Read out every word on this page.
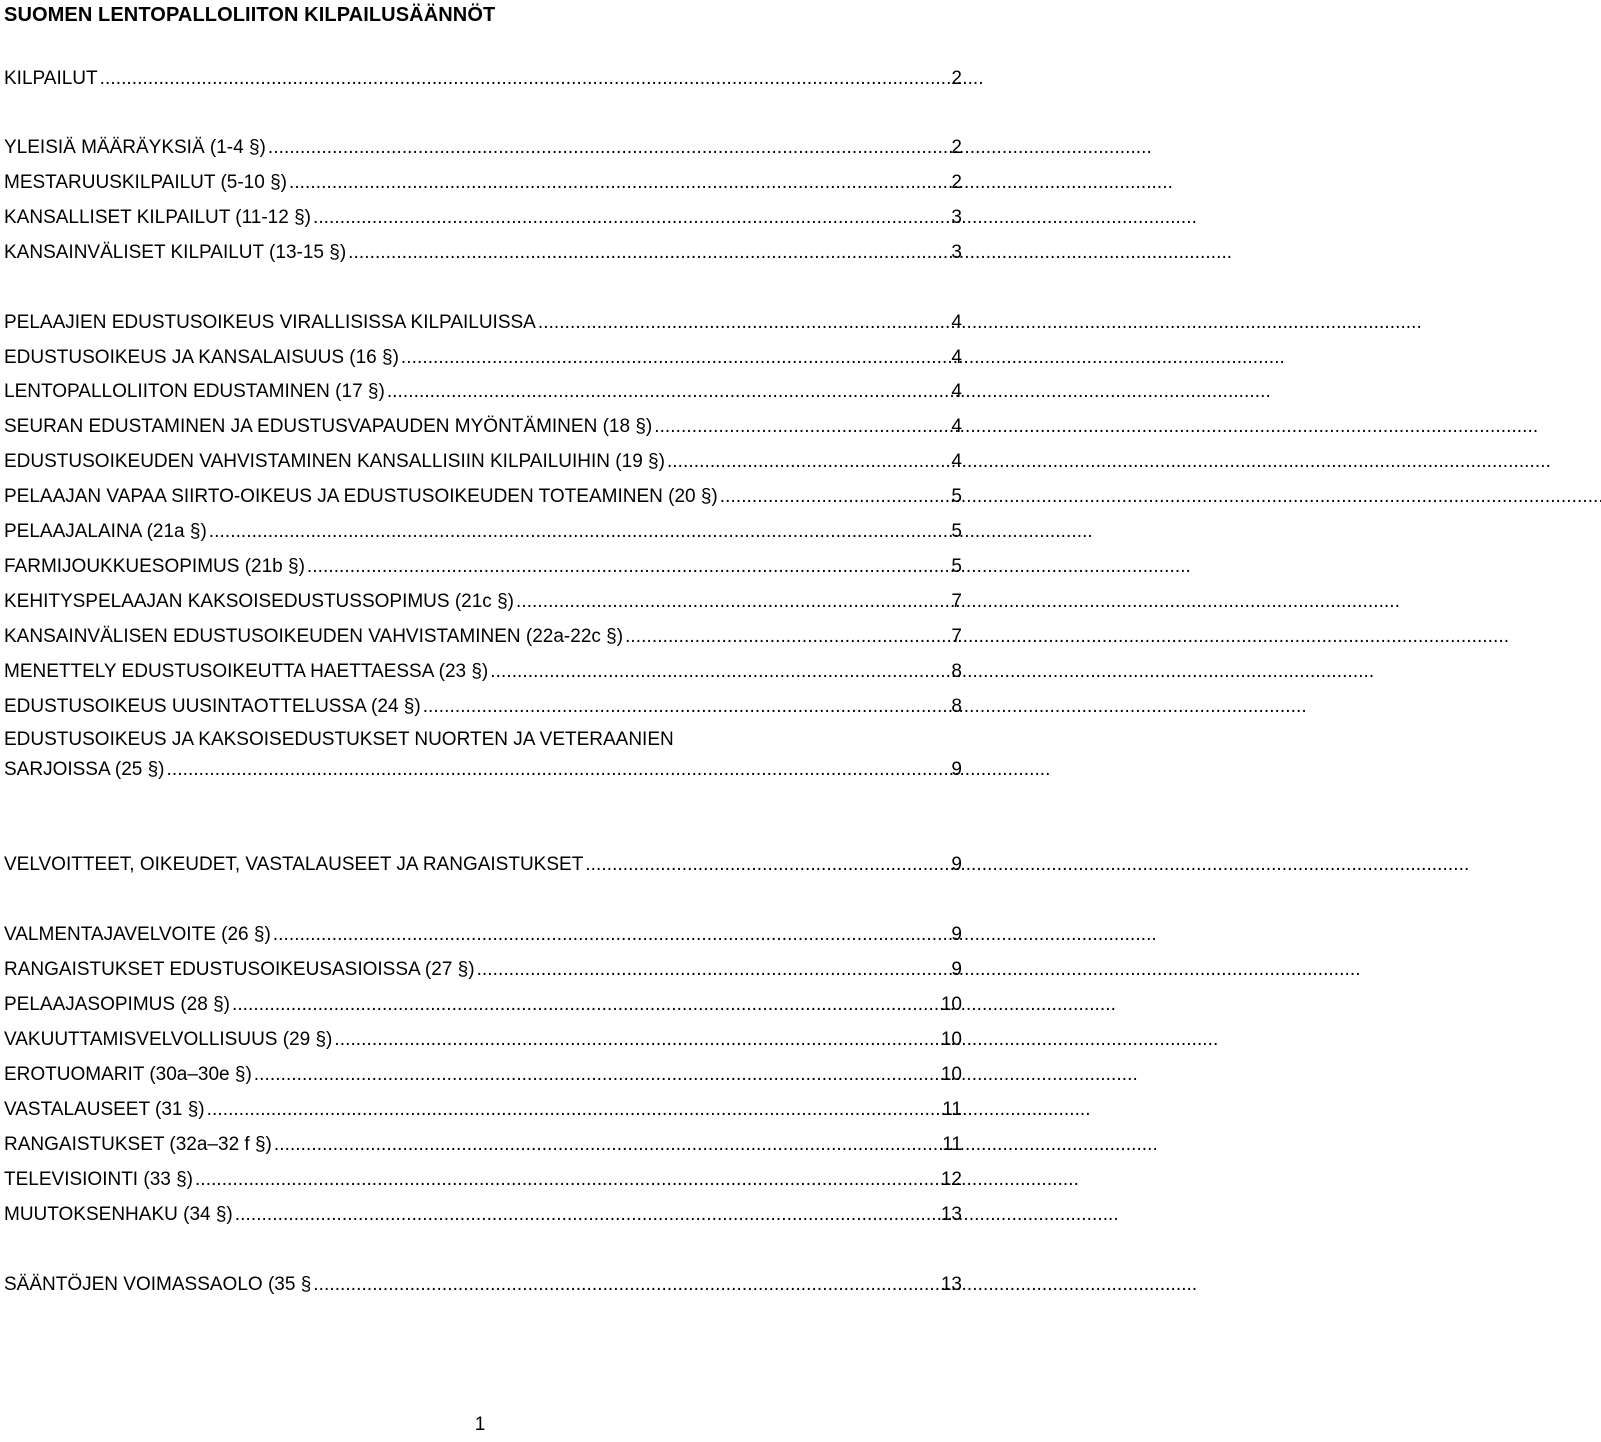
SUOMEN LENTOPALLOLIITON KILPAILUSÄÄNNÖT
KILPAILUT . . .	2
YLEISIÄ MÄÄRÄYKSIÄ (1-4 §) . . .	2
MESTARUUSKILPAILUT (5-10 §) . . .	2
KANSALLISET KILPAILUT (11-12 §) . . .	3
KANSAINVÄLISET KILPAILUT (13-15 §) . . .	3
PELAAJIEN EDUSTUSOIKEUS VIRALLISISSA KILPAILUISSA . . .	4
EDUSTUSOIKEUS JA KANSALAISUUS (16 §) . . .	4
LENTOPALLOLIITON EDUSTAMINEN (17 §) . . .	4
SEURAN EDUSTAMINEN JA EDUSTUSVAPAUDEN MYÖNTÄMINEN (18 §) . . .	4
EDUSTUSOIKEUDEN VAHVISTAMINEN KANSALLISIIN KILPAILUIHIN (19 §) . . .	4
PELAAJAN VAPAA SIIRTO-OIKEUS JA EDUSTUSOIKEUDEN TOTEAMINEN (20 §) . . .	5
PELAAJALAINA (21a §) . . .	5
FARMIJOUKKUESOPIMUS (21b §) . . .	5
KEHITYSPELAAJAN KAKSOISEDUSTUSSOPIMUS (21c §) . . .	7
KANSAINVÄLISEN EDUSTUSOIKEUDEN VAHVISTAMINEN (22a-22c §) . . .	7
MENETTELY EDUSTUSOIKEUTTA HAETTAESSA (23 §) . . .	8
EDUSTUSOIKEUS UUSINTAOTTELUSSA (24 §) . . .	8
EDUSTUSOIKEUS JA KAKSOISEDUSTUKSET NUORTEN JA VETERAANIEN
SARJOISSA (25 §) . . .	9
VELVOITTEET, OIKEUDET, VASTALAUSEET JA RANGAISTUKSET . . .	9
VALMENTAJAVELVOITE (26 §) . . .	9
RANGAISTUKSET EDUSTUSOIKEUSASIOISSA (27 §) . . .	9
PELAAJASOPIMUS (28 §) . . .	10
VAKUUTTAMISVELVOLLISUUS (29 §) . . .	10
EROTUOMARIT (30a–30e §) . . .	10
VASTALAUSEET (31 §) . . .	11
RANGAISTUKSET (32a–32 f §) . . .	11
TELEVISIOINTI (33 §) . . .	12
MUUTOKSENHAKU (34 §) . . .	13
SÄÄNTÖJEN VOIMASSAOLO (35 § . . .	13
1
